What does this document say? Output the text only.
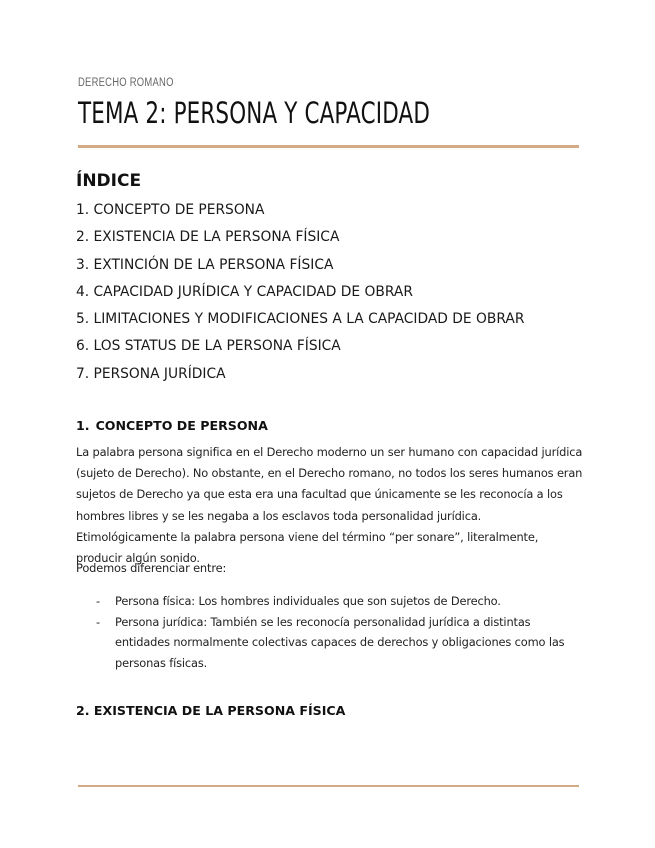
DERECHO ROMANO
TEMA 2: PERSONA Y CAPACIDAD
ÍNDICE
1. CONCEPTO DE PERSONA
2. EXISTENCIA DE LA PERSONA FÍSICA
3. EXTINCIÓN DE LA PERSONA FÍSICA
4. CAPACIDAD JURÍDICA Y CAPACIDAD DE OBRAR
5. LIMITACIONES Y MODIFICACIONES A LA CAPACIDAD DE OBRAR
6. LOS STATUS DE LA PERSONA FÍSICA
7. PERSONA JURÍDICA
1. CONCEPTO DE PERSONA

La palabra persona significa en el Derecho moderno un ser humano con capacidad jurídica (sujeto de Derecho). No obstante, en el Derecho romano, no todos los seres humanos eran sujetos de Derecho ya que esta era una facultad que únicamente se les reconocía a los hombres libres y se les negaba a los esclavos toda personalidad jurídica. Etimológicamente la palabra persona viene del término “per sonare”, literalmente, producir algún sonido.

Podemos diferenciar entre:

- Persona física: Los hombres individuales que son sujetos de Derecho.
- Persona jurídica: También se les reconocía personalidad jurídica a distintas entidades normalmente colectivas capaces de derechos y obligaciones como las personas físicas.
2. EXISTENCIA DE LA PERSONA FÍSICA
